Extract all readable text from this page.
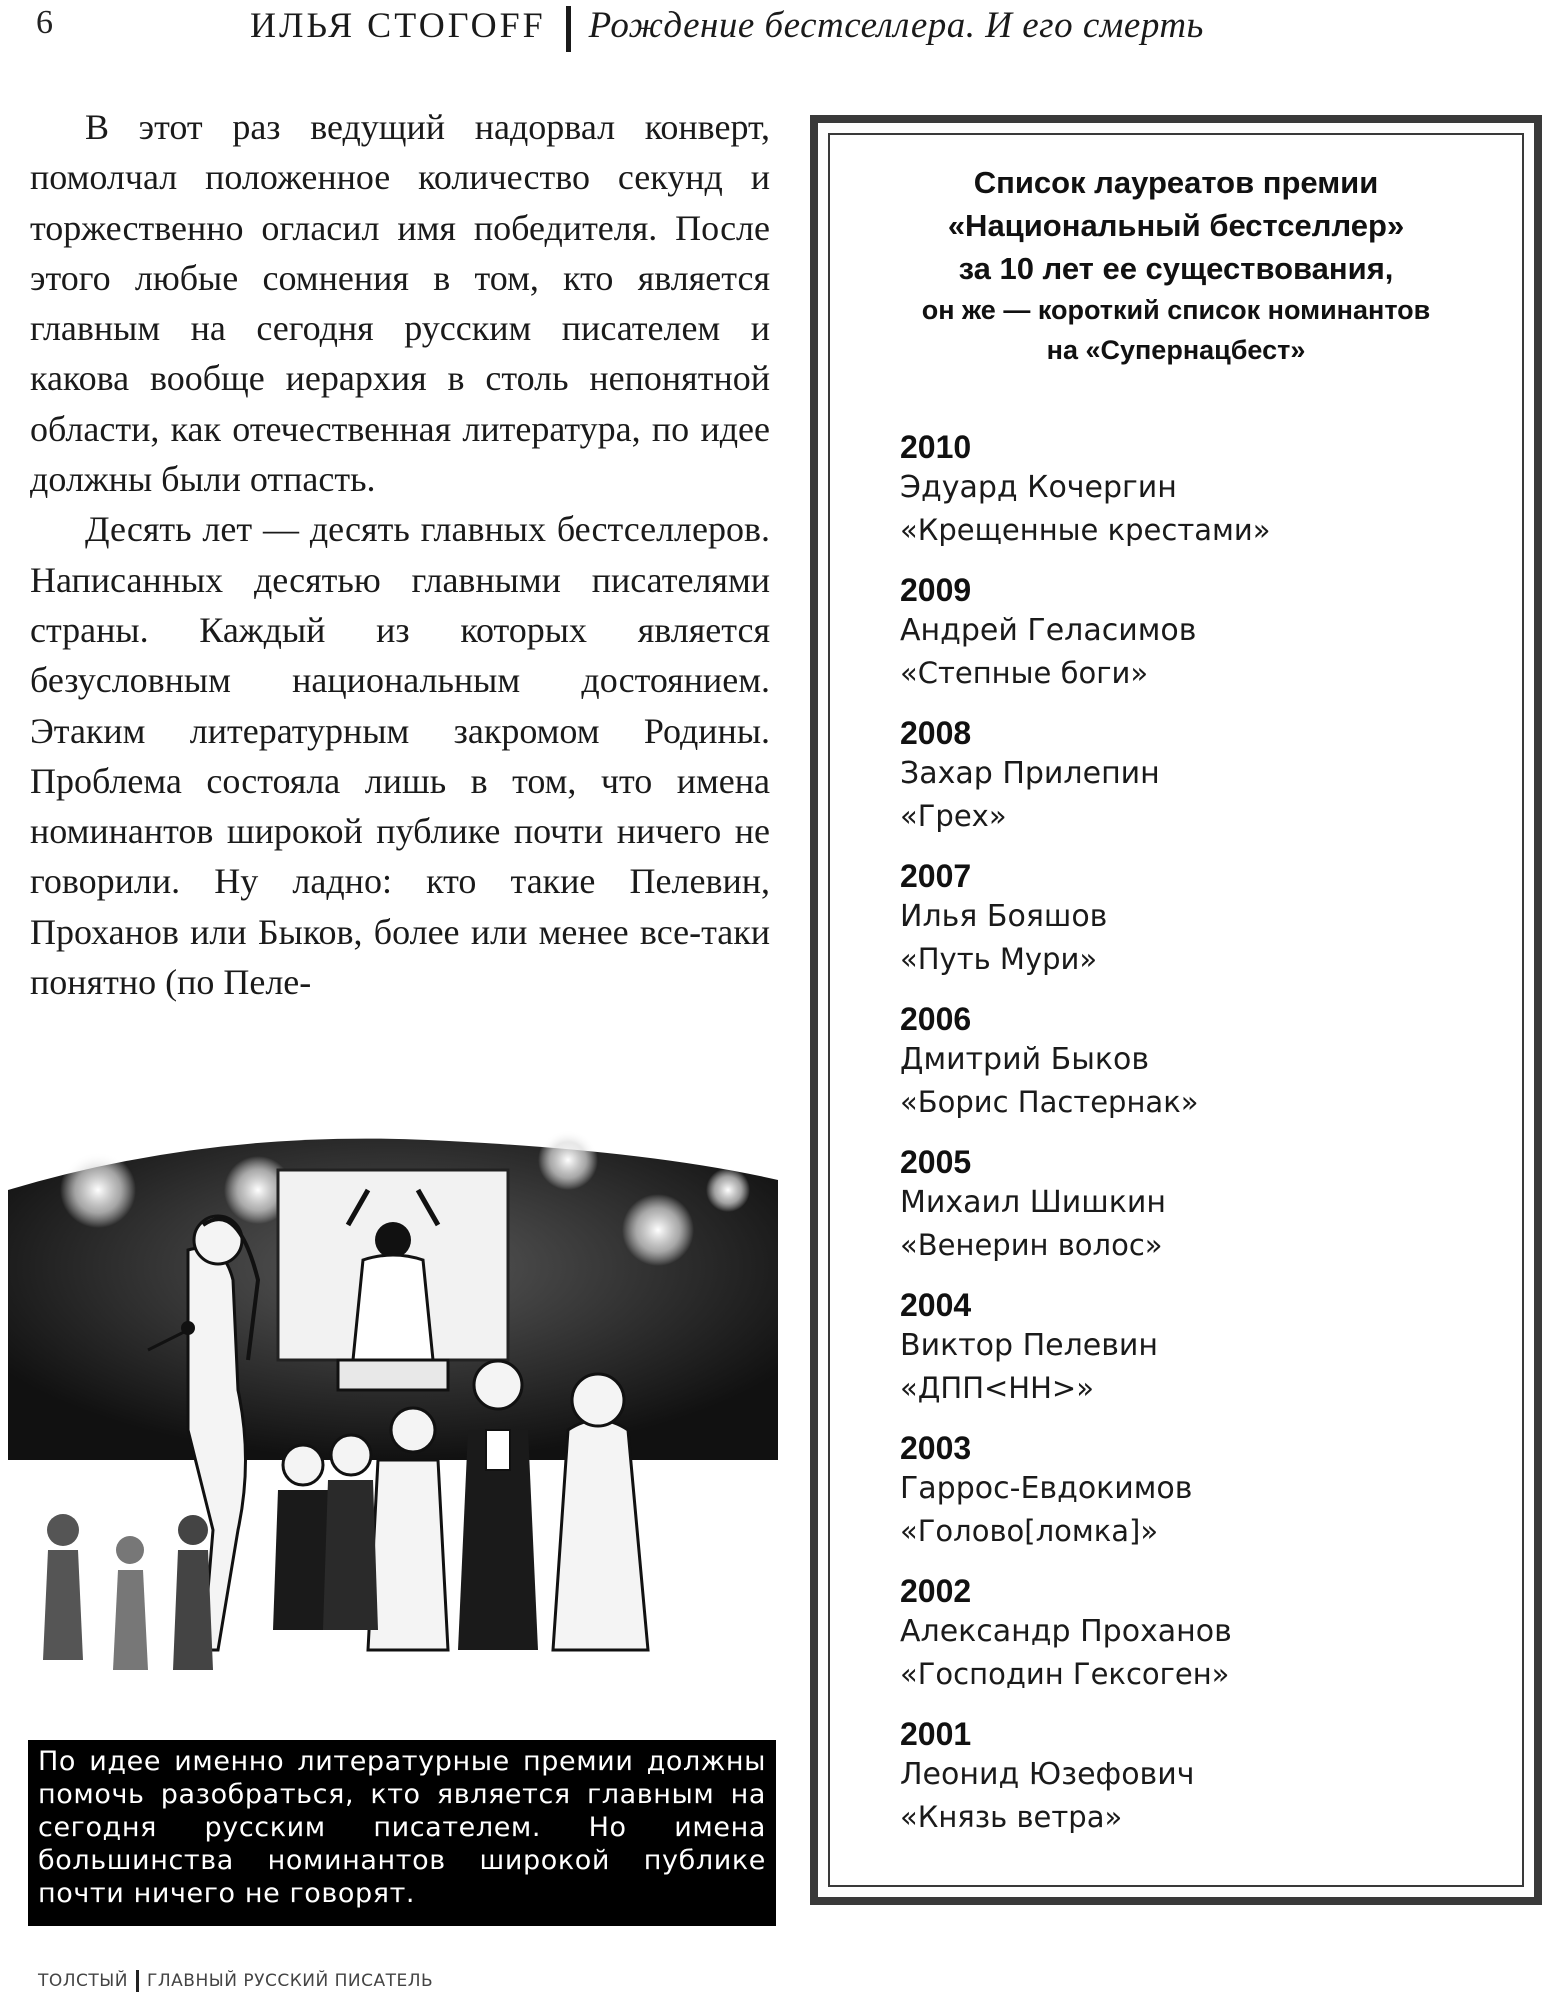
6	ИЛЬЯ СТОГОFF Рождение бестселлера. И его смерть

В этот раз ведущий надорвал конверт, помолчал положенное количество секунд и торжественно огласил имя победителя. После этого любые сомнения в том, кто является главным на сегодня русским писателем и какова вообще иерархия в столь непонятной области, как отечественная литература, по идее должны были отпасть.

Десять лет — десять главных бестселлеров. Написанных десятью главными писателями страны. Каждый из которых является безусловным национальным достоянием. Этаким литературным закромом Родины. Проблема состояла лишь в том, что имена номинантов широкой публике почти ничего не говорили. Ну ладно: кто такие Пелевин, Проханов или Быков, более или менее все-таки понятно (по Пеле-

По идее именно литературные премии должны помочь разобраться, кто является главным на сегодня русским писателем. Но имена большинства номинантов широкой публике почти ничего не говорят.
Список лауреатов премии
«Национальный бестселлер»
за 10 лет ее существования,
он же — короткий список номинантов
на «Супернацбест»
2010
Эдуард Кочергин
«Крещенные крестами»
2009
Андрей Геласимов
«Степные боги»
2008
Захар Прилепин
«Грех»
2007
Илья Бояшов
«Путь Мури»
2006
Дмитрий Быков
«Борис Пастернак»
2005
Михаил Шишкин
«Венерин волос»
2004
Виктор Пелевин
«ДПП<НН>»
2003
Гаррос-Евдокимов
«Голово[ломка]»
2002
Александр Проханов
«Господин Гексоген»
2001
Леонид Юзефович
«Князь ветра»
ТОЛСТЫЙ ГЛАВНЫЙ РУССКИЙ ПИСАТЕЛЬ
